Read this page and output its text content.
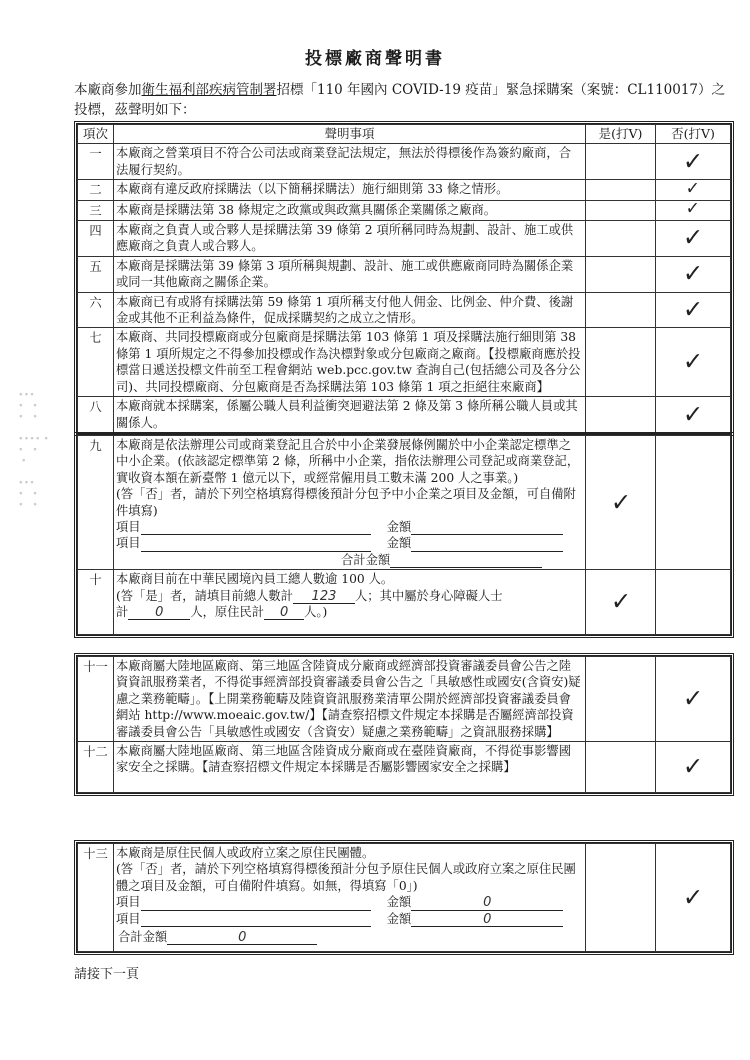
∙∙∙
∙   ∙
∙   ∙

∙∙∙∙ ∙
∙   ∙
∙

∙∙∙
∙   ∙
∙   ∙
投標廠商聲明書
本廠商參加衛生福利部疾病管制署招標「110 年國內 COVID-19 疫苗」緊急採購案（案號：CL110017）之投標，茲聲明如下：
項次	聲明事項	是(打V)	否(打V)
一	本廠商之營業項目不符合公司法或商業登記法規定，無法於得標後作為簽約廠商，合法履行契約。		✓
二	本廠商有違反政府採購法（以下簡稱採購法）施行細則第 33 條之情形。		✓
三	本廠商是採購法第 38 條規定之政黨或與政黨具關係企業關係之廠商。		✓
四	本廠商之負責人或合夥人是採購法第 39 條第 2 項所稱同時為規劃、設計、施工或供應廠商之負責人或合夥人。		✓
五	本廠商是採購法第 39 條第 3 項所稱與規劃、設計、施工或供應廠商同時為關係企業或同一其他廠商之關係企業。		✓
六	本廠商已有或將有採購法第 59 條第 1 項所稱支付他人佣金、比例金、仲介費、後謝金或其他不正利益為條件，促成採購契約之成立之情形。		✓
七	本廠商、共同投標廠商或分包廠商是採購法第 103 條第 1 項及採購法施行細則第 38 條第 1 項所規定之不得參加投標或作為決標對象或分包廠商之廠商。【投標廠商應於投標當日遞送投標文件前至工程會網站 web.pcc.gov.tw 查詢自己(包括總公司及各分公司)、共同投標廠商、分包廠商是否為採購法第 103 條第 1 項之拒絕往來廠商】		✓
八	本廠商就本採購案，係屬公職人員利益衝突迴避法第 2 條及第 3 條所稱公職人員或其關係人。		✓
九	本廠商是依法辦理公司或商業登記且合於中小企業發展條例關於中小企業認定標準之中小企業。(依該認定標準第 2 條，所稱中小企業，指依法辦理公司登記或商業登記，實收資本額在新臺幣 1 億元以下，或經常僱用員工數未滿 200 人之事業。)
(答「否」者，請於下列空格填寫得標後預計分包予中小企業之項目及金額，可自備附件填寫)
項目	金額
項目	金額
合計金額
	✓	
十	本廠商目前在中華民國境內員工總人數逾 100 人。
(答「是」者，請填目前總人數計 123 人；其中屬於身心障礙人士
計 0 人，原住民計 0 人。)	✓	
十一	本廠商屬大陸地區廠商、第三地區含陸資成分廠商或經濟部投資審議委員會公告之陸資資訊服務業者，不得從事經濟部投資審議委員會公告之「具敏感性或國安(含資安)疑慮之業務範疇」。【上開業務範疇及陸資資訊服務業清單公開於經濟部投資審議委員會網站 http://www.moeaic.gov.tw/】【請查察招標文件規定本採購是否屬經濟部投資審議委員會公告「具敏感性或國安（含資安）疑慮之業務範疇」之資訊服務採購】		✓
十二	本廠商屬大陸地區廠商、第三地區含陸資成分廠商或在臺陸資廠商，不得從事影響國家安全之採購。【請查察招標文件規定本採購是否屬影響國家安全之採購】		✓
十三	本廠商是原住民個人或政府立案之原住民團體。
(答「否」者，請於下列空格填寫得標後預計分包予原住民個人或政府立案之原住民團體之項目及金額，可自備附件填寫。如無，得填寫「0」)
項目	金額	0
項目	金額	0
合計金額	0
		✓
請接下一頁
